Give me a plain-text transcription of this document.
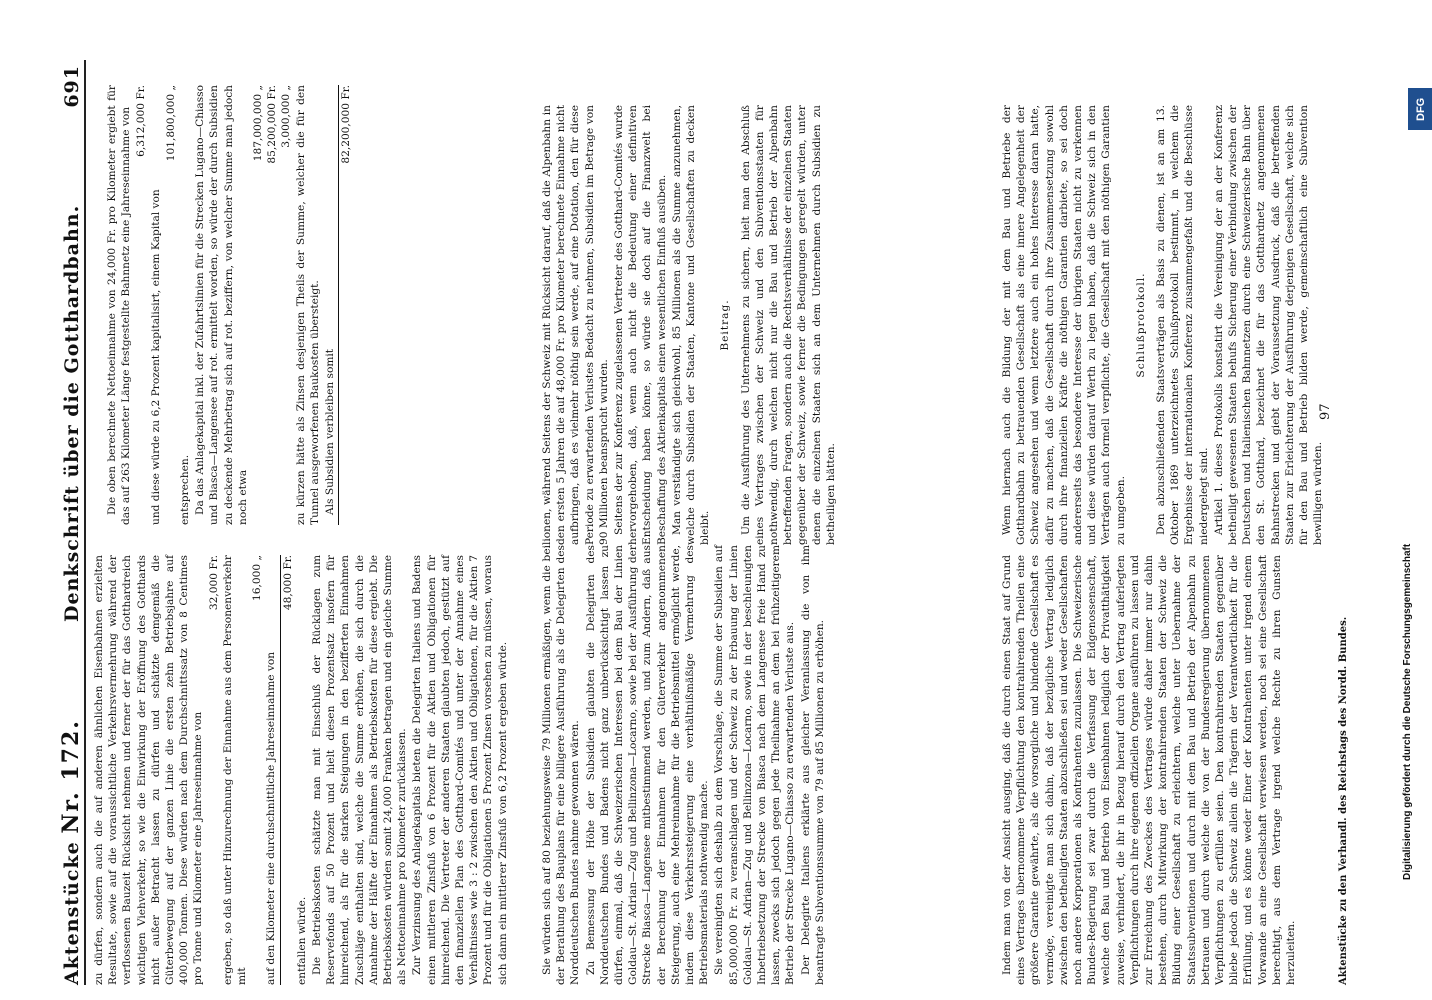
Aktenstücke Nr. 172.
Denkschrift über die Gotthardbahn.
691

zu dürfen, sondern auch die auf anderen ähnlichen Eisenbahnen erzielten Resultate, sowie auf die voraussichtliche Verkehrsvermehrung während der verflossenen Bauzeit Rücksicht nehmen und ferner der für das Gotthardreich wichtigen Viehverkehr, so wie die Einwirkung der Eröffnung des Gotthards nicht außer Betracht lassen zu dürfen und schätzte demgemäß die Güterbewegung auf der ganzen Linie die ersten zehn Betriebsjahre auf 400,000 Tonnen. Diese würden nach dem Durchschnittssatz von 8 Centimes pro Tonne und Kilometer eine Jahreseinnahme von

32,000 Fr. ergeben, so daß unter Hinzurechnung der Einnahme aus dem Personenverkehr mit

16,000 „

auf den Kilometer eine durchschnittliche Jahreseinnahme von

48,000 Fr.

entfallen würde. Die Betriebskosten schätzte man mit Einschluß der Rücklagen zum Reservefonds auf 50 Prozent und hielt diesen Prozentsatz insofern für hinreichend, als für die starken Steigungen in den bezifferten Einnahmen Zuschläge enthalten sind, welche die Summe erhöhen, die sich durch die Annahme der Hälfte der Einnahmen als Betriebskosten für diese ergiebt. Die Betriebskosten würden somit 24,000 Franken betragen und ein gleiche Summe als Nettoeinnahme pro Kilometer zurücklassen. Zur Verzinsung des Anlagekapitals bieten die Delegirten Italiens und Badens einen mittleren Zinsfuß von 6 Prozent für die Aktien und Obligationen für hinreichend. Die Vertreter der anderen Staaten glaubten jedoch, gestützt auf den finanziellen Plan des Gotthard-Comités und unter der Annahme eines Verhältnisses wie 3 : 2 zwischen den Aktien und Obligationen, für die Aktien 7 Prozent und für die Obligationen 5 Prozent Zinsen vorsehen zu müssen, woraus sich dann ein mittlerer Zinsfuß von 6,2 Prozent ergeben würde.

Die oben berechnete Nettoeinnahme von 24,000 Fr. pro Kilometer ergiebt für das auf 263 Kilometer Länge festgestellte Bahnnetz eine Jahreseinnahme von 6,312,000 Fr.

und diese würde zu 6,2 Prozent kapitalisirt, einem Kapital von

101,800,000 „

entsprechen. Da das Anlagekapital inkl. der Zufahrtslinien für die Strecken Lugano—Chiasso und Biasca—Langensee auf rot. ermittelt worden, so würde der durch Subsidien zu deckende Mehrbetrag sich auf rot. beziffern, von welcher Summe man jedoch noch etwa

187,000,000 „ 85,200,000 Fr. 3,000,000 „ zu kürzen hätte als Zinsen desjenigen Theils der Summe, welcher die für den Tunnel ausgeworfenen Baukosten übersteigt. Als Subsidien verbleiben somit

82,200,000 Fr.

Sie würden sich auf 80 beziehungsweise 79 Millionen ermäßigen, wenn die bei der Berathung des Bauplans für eine billigere Ausführung als die Delegirten des Norddeutschen Bundes nahme gewonnen wären. Zu Bemessung der Höhe der Subsidien glaubten die Delegirten des Norddeutschen Bundes und Badens nicht ganz unberücksichtigt lassen zu dürfen, einmal, daß die Schweizerischen Interessen bei dem Bau der Linien Goldau—St. Adrian—Zug und Bellinzona—Locarno, sowie bei der Ausführung der Strecke Biasca—Langensee mitbestimmend werden, und zum Andern, daß aus der Berechnung der Einnahmen für den Güterverkehr angenommenen Steigerung, auch eine Mehreinnahme für die Betriebsmittel ermöglicht werde, indem diese Verkehrssteigerung eine verhältnißmäßige Vermehrung des Betriebsmaterials nothwendig mache. Sie vereinigten sich deshalb zu dem Vorschlage, die Summe der Subsidien auf 85,000,000 Fr. zu veranschlagen und der Schweiz zu der Erbauung der Linien Goldau—St. Adrian—Zug und Bellinzona—Locarno, sowie in der beschleunigten Inbetriebsetzung der Strecke von Biasca nach dem Langensee freie Hand zu lassen, zwecks sich jedoch gegen jede Theilnahme an dem bei frühzeitigerem Betrieb der Strecke Lugano—Chiasso zu erwartenden Verluste aus. Der Delegirte Italiens erklärte aus gleicher Veranlassung die von ihm beantragte Subventionssumme von 79 auf 85 Millionen zu erhöhen.

lionen, während Seitens der Schweiz mit Rücksicht darauf, daß die Alpenbahn in den ersten 5 Jahren die auf 48,000 Fr. pro Kilometer berechnete Einnahme nicht aufbringen, daß es vielmehr nöthig sein werde, auf eine Dotation, den für diese Periode zu erwartenden Verlustes Bedacht zu nehmen, Subsidien im Betrage von 90 Millionen beansprucht wurden. Seitens der zur Konferenz zugelassenen Vertreter des Gotthard-Comités wurde hervorgehoben, daß, wenn auch nicht die Bedeutung einer definitiven Entscheidung haben könne, so würde sie doch auf die Finanzwelt bei Beschaffung des Aktienkapitals einen wesentlichen Einfluß ausüben. Man verständigte sich gleichwohl, 85 Millionen als die Summe anzunehmen, welche durch Subsidien der Staaten, Kantone und Gesellschaften zu decken bleibt.

Beitrag. Um die Ausführung des Unternehmens zu sichern, hielt man den Abschluß eines Vertrages zwischen der Schweiz und den Subventionsstaaten für nothwendig, durch welchen nicht nur die Bau und Betrieb der Alpenbahn betreffenden Fragen, sondern auch die Rechtsverhältnisse der einzelnen Staaten gegenüber der Schweiz, sowie ferner die Bedingungen geregelt würden, unter denen die einzelnen Staaten sich an dem Unternehmen durch Subsidien zu betheiligen hätten.

Indem man von der Ansicht ausging, daß die durch einen Staat auf Grund eines Vertrages übernommene Verpflichtung den kontrahirenden Theilen eine größere Garantie gewährte, als die vorsorgliche und bindende Gesellschaft es vermöge, vereinigte man sich dahin, daß der bezügliche Vertrag lediglich zwischen den betheiligten Staaten abzuschließen sei und weder Gesellschaften noch andere Korporationen als Kontrahenten zuzulassen. Die Schweizerische Bundes-Regierung sei zwar durch die Verfassung der Eidgenossenschaft, welche den Bau und Betrieb von Eisenbahnen lediglich der Privatthätigkeit zuweise, verhindert, die ihr in Bezug hierauf durch den Vertrag auferlegten Verpflichtungen durch ihre eigenen offiziellen Organe ausführen zu lassen und zur Erreichung des Zweckes des Vertrages würde daher immer nur dahin bestehen, durch Mitwirkung der kontrahirenden Staaten der Schweiz die Bildung einer Gesellschaft zu erleichtern, welche unter Uebernahme der Staatssubventionen und durch mit dem Bau und Betrieb der Alpenbahn zu betrauen und durch welche die von der Bundesregierung übernommenen Verpflichtungen zu erfüllen seien. Den kontrahirenden Staaten gegenüber bliebe jedoch die Schweiz allein die Trägerin der Verantwortlichkeit für die Erfüllung, und es könne weder Einer der Kontrahenten unter irgend einem Vorwande an eine Gesellschaft verwiesen werden, noch sei eine Gesellschaft berechtigt, aus dem Vertrage irgend welche Rechte zu ihren Gunsten herzuleiten.

Wenn hiernach auch die Bildung der mit dem Bau und Betriebe der Gotthardbahn zu betrauenden Gesellschaft als eine innere Angelegenheit der Schweiz angesehen und wenn letztere auch ein hohes Interesse daran hatte, dafür zu machen, daß die Gesellschaft durch ihre Zusammensetzung sowohl durch ihre finanziellen Kräfte die nöthigen Garantien darbiete, so sei doch andererseits das besondere Interesse der übrigen Staaten nicht zu verkennen und diese würden darauf Werth zu legen haben, daß die Schweiz sich in den Verträgen auch formell verpflichte, die Gesellschaft mit den nöthigen Garantien zu umgeben.

Schlußprotokoll. Den abzuschließenden Staatsverträgen als Basis zu dienen, ist an am 13. Oktober 1869 unterzeichnetes Schlußprotokoll bestimmt, in welchem die Ergebnisse der internationalen Konferenz zusammengefaßt und die Beschlüsse niedergelegt sind. Artikel 1. dieses Protokolls konstatirt die Vereinigung der an der Konferenz betheiligt gewesenen Staaten behufs Sicherung einer Verbindung zwischen der Deutschen und Italienischen Bahnnetzen durch eine Schweizerische Bahn über den St. Gotthard, bezeichnet die für das Gotthardnetz angenommenen Bahnstrecken und giebt der Voraussetzung Ausdruck, daß die betreffenden Staaten zur Erleichterung der Ausführung derjenigen Gesellschaft, welche sich für den Bau und Betrieb bilden werde, gemeinschaftlich eine Subvention bewilligen würden.

Aktenstücke zu den Verhandl. des Reichstags des Nordd. Bundes.
97
Digitalisierung gefördert durch die Deutsche Forschungsgemeinschaft
DFG
